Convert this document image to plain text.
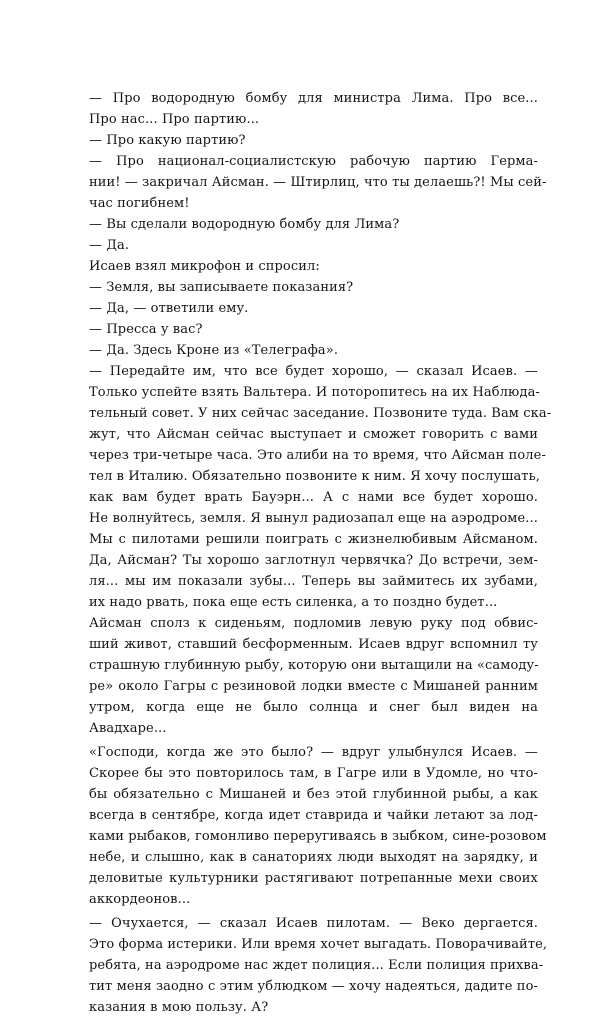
— Про водородную бомбу для министра Лима. Про все...
Про нас... Про партию...

— Про какую партию?

— Про национал-социалистскую рабочую партию Герма-
нии! — закричал Айсман. — Штирлиц, что ты делаешь?! Мы сей-
час погибнем!

— Вы сделали водородную бомбу для Лима?

— Да.

Исаев взял микрофон и спросил:

— Земля, вы записываете показания?

— Да, — ответили ему.

— Пресса у вас?

— Да. Здесь Кроне из «Телеграфа».

— Передайте им, что все будет хорошо, — сказал Исаев. —
Только успейте взять Вальтера. И поторопитесь на их Наблюда-
тельный совет. У них сейчас заседание. Позвоните туда. Вам ска-
жут, что Айсман сейчас выступает и сможет говорить с вами
через три-четыре часа. Это алиби на то время, что Айсман поле-
тел в Италию. Обязательно позвоните к ним. Я хочу послушать,
как вам будет врать Бауэрн... А с нами все будет хорошо.
Не волнуйтесь, земля. Я вынул радиозапал еще на аэродроме...
Мы с пилотами решили поиграть с жизнелюбивым Айсманом.
Да, Айсман? Ты хорошо заглотнул червячка? До встречи, зем-
ля... мы им показали зубы... Теперь вы займитесь их зубами,
их надо рвать, пока еще есть силенка, а то поздно будет...

Айсман сполз к сиденьям, подломив левую руку под обвис-
ший живот, ставший бесформенным. Исаев вдруг вспомнил ту
страшную глубинную рыбу, которую они вытащили на «самоду-
ре» около Гагры с резиновой лодки вместе с Мишаней ранним
утром, когда еще не было солнца и снег был виден на
Авадхаре...

«Господи, когда же это было? — вдруг улыбнулся Исаев. —
Скорее бы это повторилось там, в Гагре или в Удомле, но что-
бы обязательно с Мишаней и без этой глубинной рыбы, а как
всегда в сентябре, когда идет ставрида и чайки летают за лод-
ками рыбаков, гомонливо переругиваясь в зыбком, сине-розовом
небе, и слышно, как в санаториях люди выходят на зарядку, и
деловитые культурники растягивают потрепанные мехи своих
аккордеонов...

— Очухается, — сказал Исаев пилотам. — Веко дергается.
Это форма истерики. Или время хочет выгадать. Поворачивайте,
ребята, на аэродроме нас ждет полиция... Если полиция прихва-
тит меня заодно с этим ублюдком — хочу надеяться, дадите по-
казания в мою пользу. А?
